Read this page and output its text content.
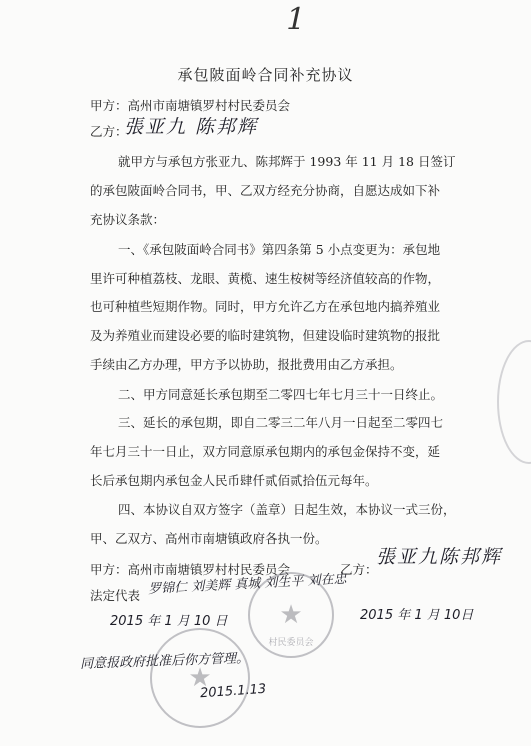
1
承包陂面岭合同补充协议
甲方：高州市南塘镇罗村村民委员会
乙方：
張亚九 陈邦辉
就甲方与承包方张亚九、陈邦辉于 1993 年 11 月 18 日签订
的承包陂面岭合同书，甲、乙双方经充分协商，自愿达成如下补
充协议条款：
一、《承包陂面岭合同书》第四条第 5 小点变更为：承包地
里许可种植荔枝、龙眼、黄榄、速生桉树等经济值较高的作物，
也可种植些短期作物。同时，甲方允许乙方在承包地内搞养殖业
及为养殖业而建设必要的临时建筑物，但建设临时建筑物的报批
手续由乙方办理，甲方予以协助，报批费用由乙方承担。
二、甲方同意延长承包期至二零四七年七月三十一日终止。
三、延长的承包期，即自二零三二年八月一日起至二零四七
年七月三十一日止，双方同意原承包期内的承包金保持不变，延
长后承包期内承包金人民币肆仟贰佰贰拾伍元每年。
四、本协议自双方签字（盖章）日起生效，本协议一式三份，
甲、乙双方、高州市南塘镇政府各执一份。
甲方：高州市南塘镇罗村村民委员会	乙方：
張亚九陈邦辉
法定代表 罗锦仁 刘美辉 真城 刘生平 刘在忠
2015 年 1 月 10 日	2015 年 1 月 10日
★
村民委员会
★
同意报政府批准后你方管理。
2015.1.13
